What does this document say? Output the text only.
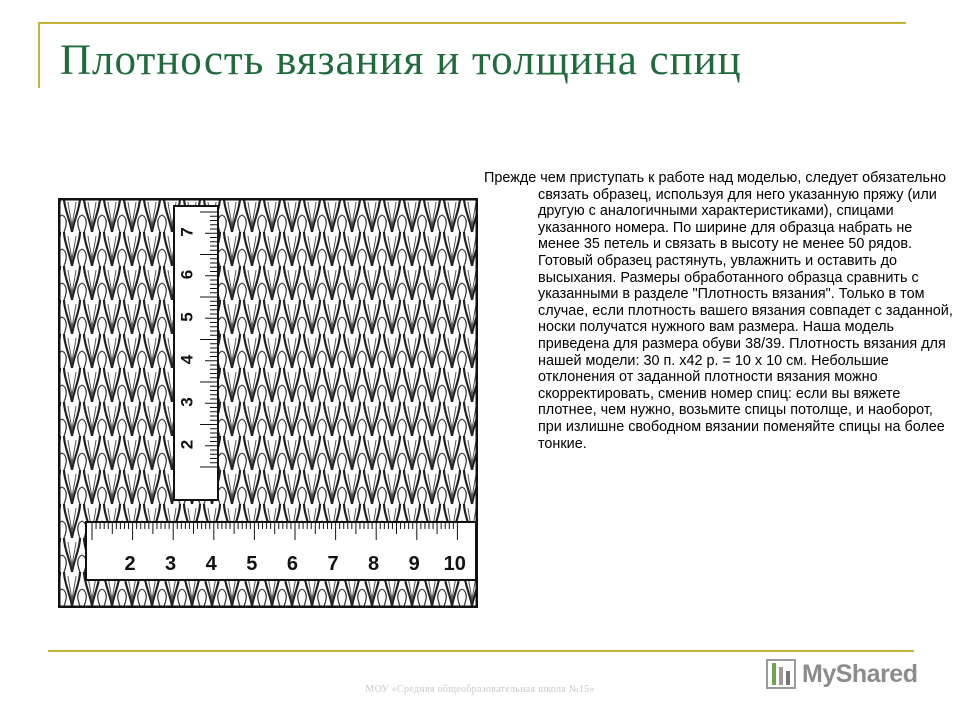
Плотность вязания и толщина спиц
7
6
5
4
3
2
2 3 4 5 6 7 8 9 10
Прежде чем приступать к работе над моделью, следует обязательно связать образец, используя для него указанную пряжу (или другую с аналогичными характеристиками), спицами указанного номера. По ширине для образца набрать не менее 35 петель и связать в высоту не менее 50 рядов. Готовый образец растянуть, увлажнить и оставить до высыхания. Размеры обработанного образца сравнить с указанными в разделе "Плотность вязания". Только в том случае, если плотность вашего вязания совпадет с заданной, носки получатся нужного вам размера. Наша модель приведена для размера обуви 38/39. Плотность вязания для нашей модели: 30 п. х42 р. = 10 х 10 см. Небольшие отклонения от заданной плотности вязания можно скорректировать, сменив номер спиц: если вы вяжете плотнее, чем нужно, возьмите спицы потолще, и наоборот, при излишне свободном вязании поменяйте спицы на более тонкие.
МОУ «Средняя общеобразовательная школа №15»
MyShared
